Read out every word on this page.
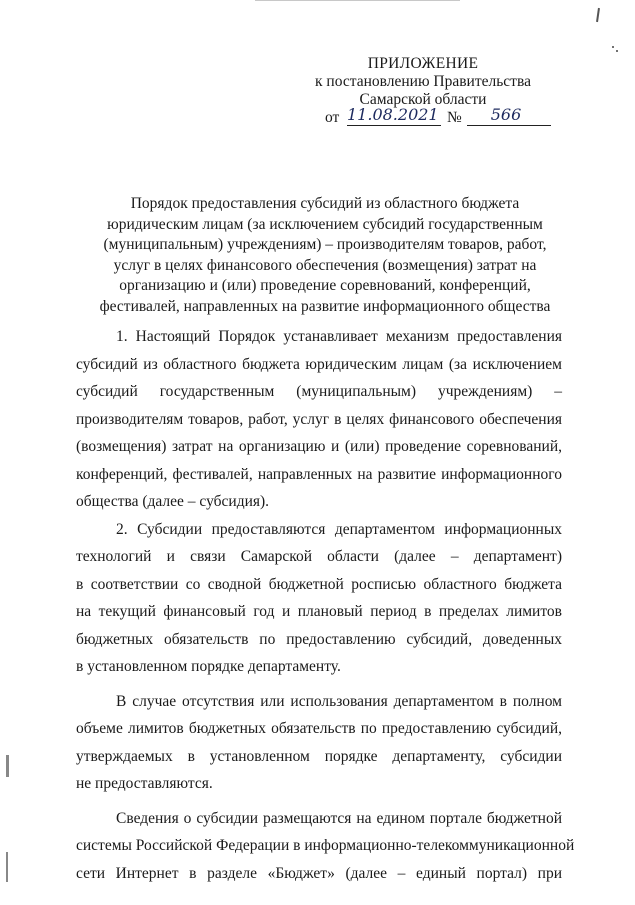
ПРИЛОЖЕНИЕ
к постановлению Правительства
Самарской области
от 11.08.2021 №	566
Порядок предоставления субсидий из областного бюджета
юридическим лицам (за исключением субсидий государственным
(муниципальным) учреждениям) – производителям товаров, работ,
услуг в целях финансового обеспечения (возмещения) затрат на
организацию и (или) проведение соревнований, конференций,
фестивалей, направленных на развитие информационного общества
1. Настоящий Порядок устанавливает механизм предоставления
субсидий из областного бюджета юридическим лицам (за исключением
субсидий государственным (муниципальным) учреждениям) –
производителям товаров, работ, услуг в целях финансового обеспечения
(возмещения) затрат на организацию и (или) проведение соревнований,
конференций, фестивалей, направленных на развитие информационного
общества (далее – субсидия).
2. Субсидии предоставляются департаментом информационных
технологий и связи Самарской области (далее – департамент)
в соответствии со сводной бюджетной росписью областного бюджета
на текущий финансовый год и плановый период в пределах лимитов
бюджетных обязательств по предоставлению субсидий, доведенных
в установленном порядке департаменту.
В случае отсутствия или использования департаментом в полном
объеме лимитов бюджетных обязательств по предоставлению субсидий,
утверждаемых в установленном порядке департаменту, субсидии
не предоставляются.
Сведения о субсидии размещаются на едином портале бюджетной
системы Российской Федерации в информационно-телекоммуникационной
сети Интернет в разделе «Бюджет» (далее – единый портал) при
